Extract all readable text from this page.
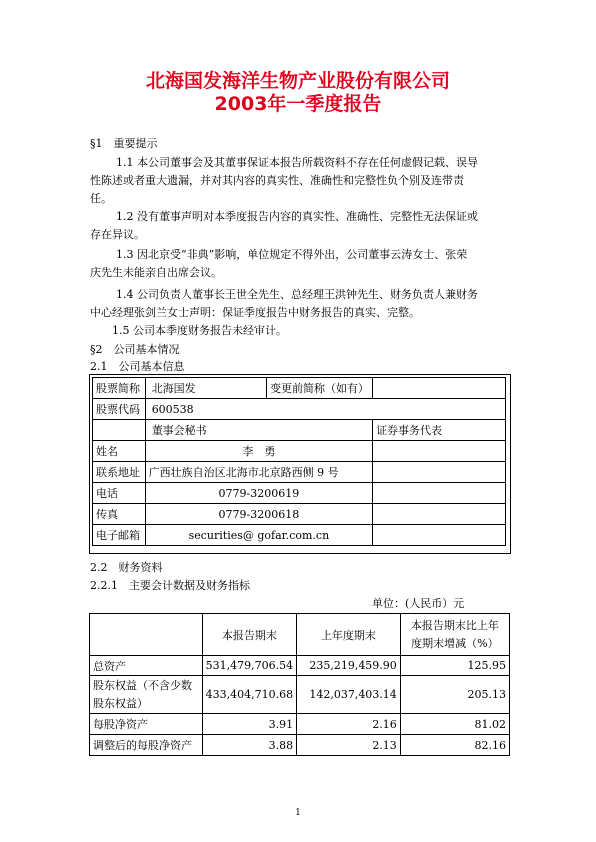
北海国发海洋生物产业股份有限公司
2003年一季度报告
§1　重要提示
1.1 本公司董事会及其董事保证本报告所载资料不存在任何虚假记载、误导
性陈述或者重大遗漏，并对其内容的真实性、准确性和完整性负个别及连带责
任。
1.2 没有董事声明对本季度报告内容的真实性、准确性、完整性无法保证或
存在异议。
1.3 因北京受“非典”影响，单位规定不得外出，公司董事云涛女士、张荣
庆先生未能亲自出席会议。
1.4 公司负责人董事长王世全先生、总经理王洪钟先生、财务负责人兼财务
中心经理张剑兰女士声明：保证季度报告中财务报告的真实、完整。
1.5 公司本季度财务报告未经审计。
§2　公司基本情况
2.1　公司基本信息
股票简称	北海国发	变更前简称（如有）	
股票代码	600538		
	董事会秘书		证券事务代表
姓名	李　勇		
联系地址	广西壮族自治区北海市北京路西侧 9 号		
电话	0779-3200619		
传真	0779-3200618		
电子邮箱	securities@ gofar.com.cn		
2.2　财务资料
2.2.1　主要会计数据及财务指标
单位：(人民币）元
	本报告期末	上年度期末	本报告期末比上年
度期末增减（%）

总资产	531,479,706.54	235,219,459.90	125.95

股东权益（不含少数
股东权益）	433,404,710.68	142,037,403.14	205.13
每股净资产	3.91	2.16	81.02
调整后的每股净资产	3.88	2.13	82.16
1
